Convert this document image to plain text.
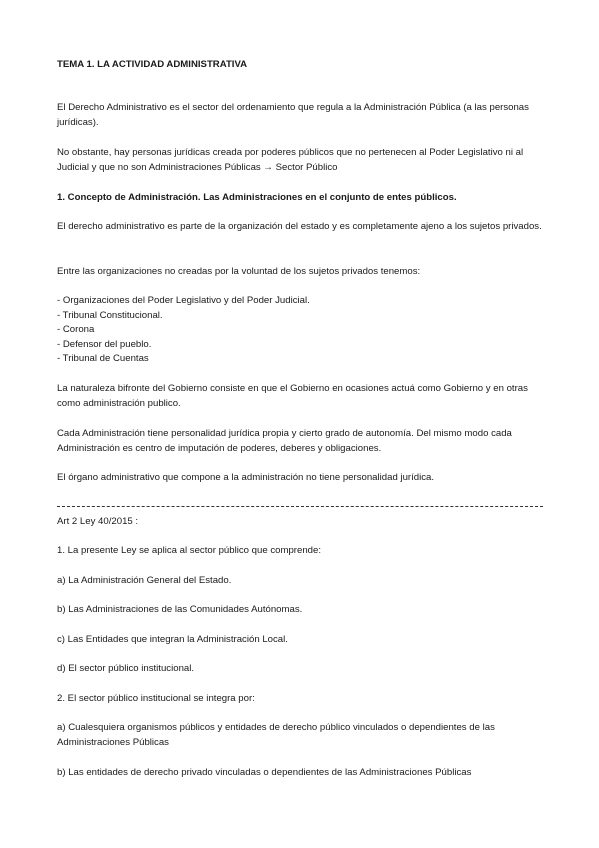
TEMA 1. LA ACTIVIDAD ADMINISTRATIVA

El Derecho Administrativo es el sector del ordenamiento que regula a la Administración Pública (a las personas jurídicas).

No obstante, hay personas jurídicas creada por poderes públicos que no pertenecen al Poder Legislativo ni al Judicial y que no son Administraciones Públicas → Sector Público

1. Concepto de Administración. Las Administraciones en el conjunto de entes públicos.

El derecho administrativo es parte de la organización del estado y es completamente ajeno a los sujetos privados.

Entre las organizaciones no creadas por la voluntad de los sujetos privados tenemos:

- Organizaciones del Poder Legislativo y del Poder Judicial.
- Tribunal Constitucional.
- Corona
- Defensor del pueblo.
- Tribunal de Cuentas

La naturaleza bifronte del Gobierno consiste en que el Gobierno en ocasiones actuá como Gobierno y en otras como administración publico.

Cada Administración tiene personalidad jurídica propia y cierto grado de autonomía. Del mismo modo cada Administración es centro de imputación de poderes, deberes y obligaciones.

El órgano administrativo que compone a la administración no tiene personalidad jurídica.

Art 2 Ley 40/2015 :

1. La presente Ley se aplica al sector público que comprende:

a) La Administración General del Estado.

b) Las Administraciones de las Comunidades Autónomas.

c) Las Entidades que integran la Administración Local.

d) El sector público institucional.

2. El sector público institucional se integra por:

a) Cualesquiera organismos públicos y entidades de derecho público vinculados o dependientes de las Administraciones Públicas

b) Las entidades de derecho privado vinculadas o dependientes de las Administraciones Públicas
